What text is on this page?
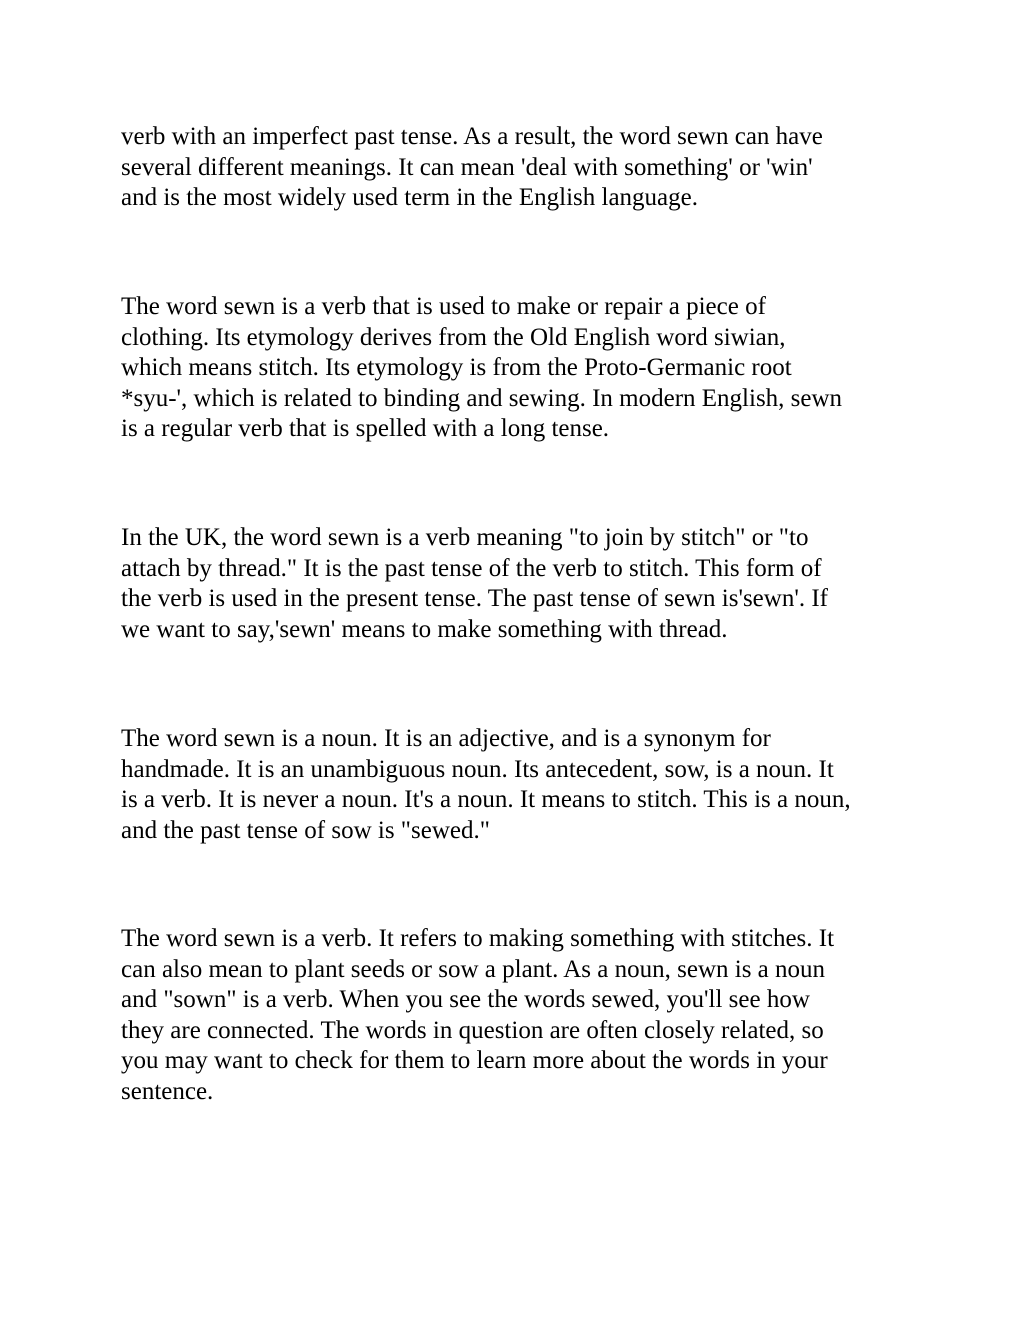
verb with an imperfect past tense. As a result, the word sewn can have
several different meanings. It can mean 'deal with something' or 'win'
and is the most widely used term in the English language.

The word sewn is a verb that is used to make or repair a piece of
clothing. Its etymology derives from the Old English word siwian,
which means stitch. Its etymology is from the Proto-Germanic root
*syu-', which is related to binding and sewing. In modern English, sewn
is a regular verb that is spelled with a long tense.

In the UK, the word sewn is a verb meaning "to join by stitch" or "to
attach by thread." It is the past tense of the verb to stitch. This form of
the verb is used in the present tense. The past tense of sewn is'sewn'. If
we want to say,'sewn' means to make something with thread.

The word sewn is a noun. It is an adjective, and is a synonym for
handmade. It is an unambiguous noun. Its antecedent, sow, is a noun. It
is a verb. It is never a noun. It's a noun. It means to stitch. This is a noun,
and the past tense of sow is "sewed."

The word sewn is a verb. It refers to making something with stitches. It
can also mean to plant seeds or sow a plant. As a noun, sewn is a noun
and "sown" is a verb. When you see the words sewed, you'll see how
they are connected. The words in question are often closely related, so
you may want to check for them to learn more about the words in your
sentence.
